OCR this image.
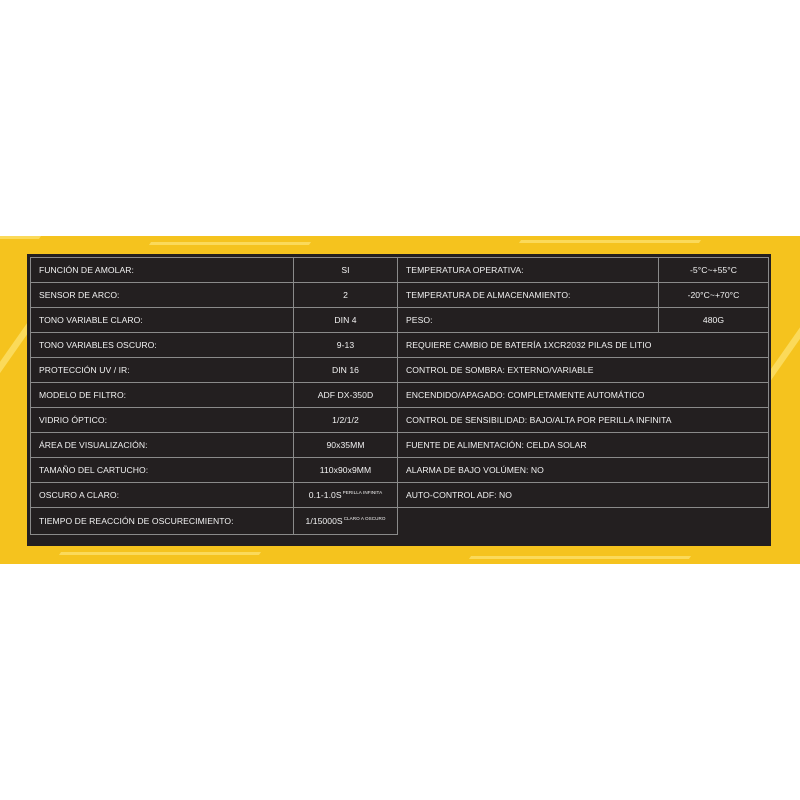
FUNCIÓN DE AMOLAR:	SI	TEMPERATURA OPERATIVA:	-5°C~+55°C
SENSOR DE ARCO:	2	TEMPERATURA DE ALMACENAMIENTO:	-20°C~+70°C
TONO VARIABLE CLARO:	DIN 4	PESO:	480G
TONO VARIABLES OSCURO:	9-13	REQUIERE CAMBIO DE BATERÍA 1XCR2032 PILAS DE LITIO	
PROTECCIÓN UV / IR:	DIN 16	CONTROL DE SOMBRA: EXTERNO/VARIABLE	
MODELO DE FILTRO:	ADF DX-350D	ENCENDIDO/APAGADO: COMPLETAMENTE AUTOMÁTICO	
VIDRIO ÓPTICO:	1/2/1/2	CONTROL DE SENSIBILIDAD: BAJO/ALTA POR PERILLA INFINITA	
ÁREA DE VISUALIZACIÓN:	90x35MM	FUENTE DE ALIMENTACIÓN: CELDA SOLAR	
TAMAÑO DEL CARTUCHO:	110x90x9MM	ALARMA DE BAJO VOLÚMEN: NO	
OSCURO A CLARO:	$0.1-1.0S^{PERILLA INFINITA}$	AUTO-CONTROL ADF: NO	
TIEMPO DE REACCIÓN DE OSCURECIMIENTO:	$1/15000S^{CLARO A OSCURO}$	
